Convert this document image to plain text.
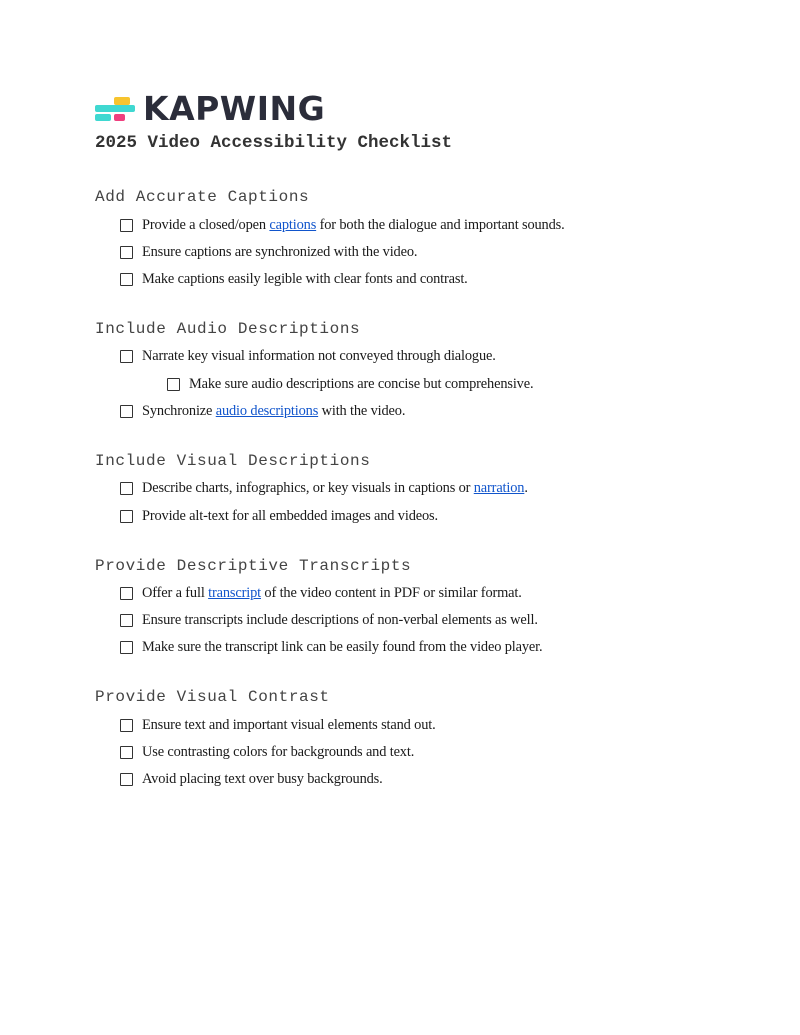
KAPWING
2025 Video Accessibility Checklist
Add Accurate Captions
Provide a closed/open captions for both the dialogue and important sounds.
Ensure captions are synchronized with the video.
Make captions easily legible with clear fonts and contrast.
Include Audio Descriptions
Narrate key visual information not conveyed through dialogue.
Make sure audio descriptions are concise but comprehensive.
Synchronize audio descriptions with the video.
Include Visual Descriptions
Describe charts, infographics, or key visuals in captions or narration.
Provide alt-text for all embedded images and videos.
Provide Descriptive Transcripts
Offer a full transcript of the video content in PDF or similar format.
Ensure transcripts include descriptions of non-verbal elements as well.
Make sure the transcript link can be easily found from the video player.
Provide Visual Contrast
Ensure text and important visual elements stand out.
Use contrasting colors for backgrounds and text.
Avoid placing text over busy backgrounds.
